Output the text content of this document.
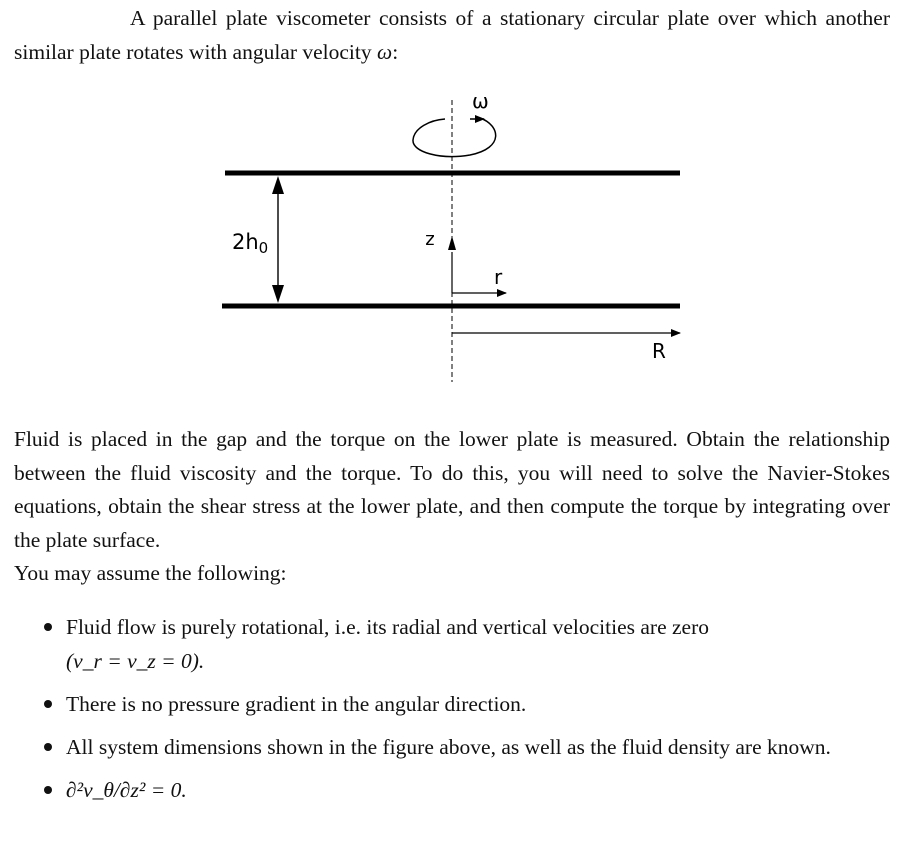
A parallel plate viscometer consists of a stationary circular plate over which another similar plate rotates with angular velocity ω:

ω
2h0	z
r
R

Fluid is placed in the gap and the torque on the lower plate is measured. Obtain the relationship between the fluid viscosity and the torque. To do this, you will need to solve the Navier-Stokes equations, obtain the shear stress at the lower plate, and then compute the torque by integrating over the plate surface.

You may assume the following:

Fluid flow is purely rotational, i.e. its radial and vertical velocities are zero
(v_r = v_z = 0).
There is no pressure gradient in the angular direction.
All system dimensions shown in the figure above, as well as the fluid density are known.
∂²v_θ/∂z² = 0.
